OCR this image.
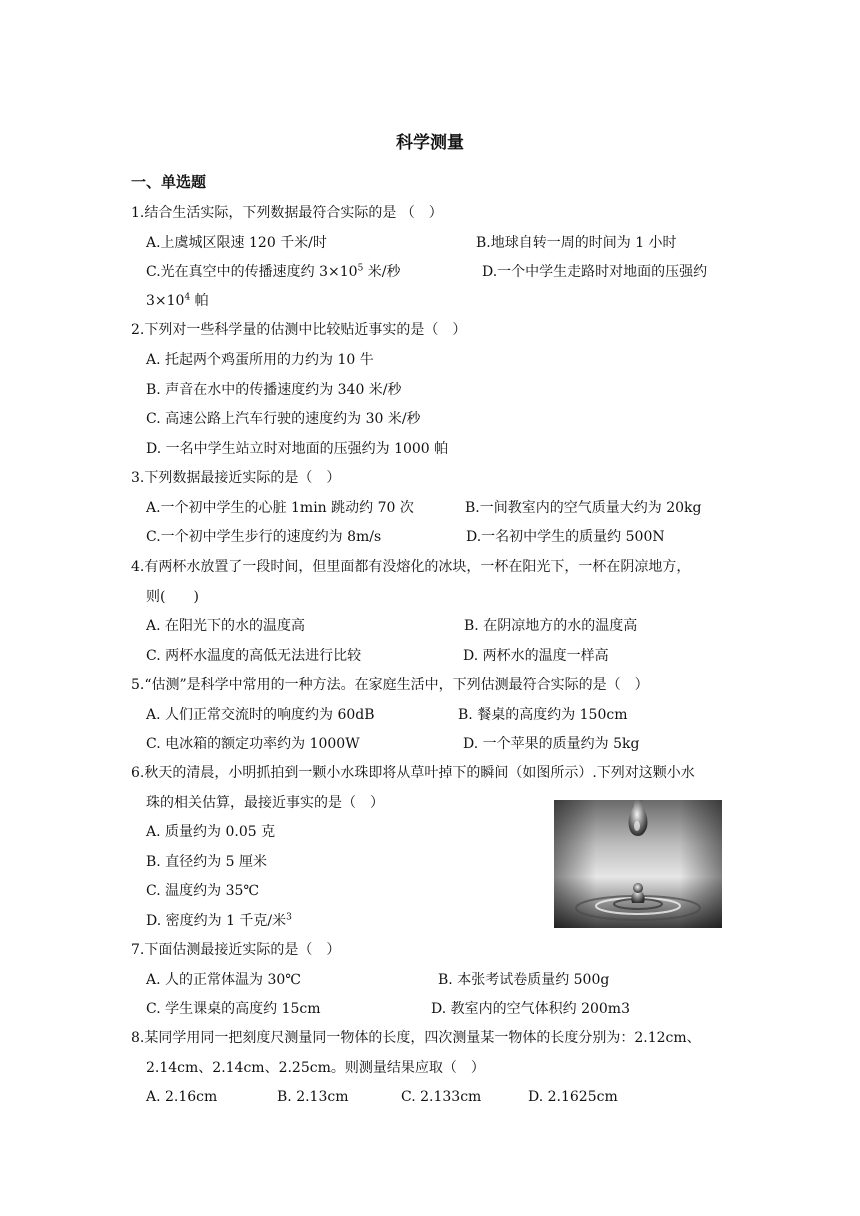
科学测量
一、单选题
1.结合生活实际，下列数据最符合实际的是 （　）
A.上虞城区限速 120 千米/时	B.地球自转一周的时间为 1 小时
C.光在真空中的传播速度约 $3\times 10^5$ 米/秒	D.一个中学生走路时对地面的压强约
$3\times 10^4$ 帕
2.下列对一些科学量的估测中比较贴近事实的是（　）
A. 托起两个鸡蛋所用的力约为 10 牛
B. 声音在水中的传播速度约为 340 米/秒
C. 高速公路上汽车行驶的速度约为 30 米/秒
D. 一名中学生站立时对地面的压强约为 1000 帕
3.下列数据最接近实际的是（　）
A.一个初中学生的心脏 1min 跳动约 70 次	B.一间教室内的空气质量大约为 20kg
C.一个初中学生步行的速度约为 8m/s	D.一名初中学生的质量约 500N
4.有两杯水放置了一段时间，但里面都有没熔化的冰块，一杯在阳光下，一杯在阴凉地方，
则(　　)
A. 在阳光下的水的温度高	B. 在阴凉地方的水的温度高
C. 两杯水温度的高低无法进行比较	D. 两杯水的温度一样高
5.“估测”是科学中常用的一种方法。在家庭生活中，下列估测最符合实际的是（　）
A. 人们正常交流时的响度约为 60dB	B. 餐桌的高度约为 150cm
C. 电冰箱的额定功率约为 1000W	D. 一个苹果的质量约为 5kg
6.秋天的清晨，小明抓拍到一颗小水珠即将从草叶掉下的瞬间（如图所示）.下列对这颗小水
珠的相关估算，最接近事实的是（　）
A. 质量约为 0.05 克
B. 直径约为 5 厘米
C. 温度约为 35℃
D. 密度约为 1 千克/米$^3$
7.下面估测最接近实际的是（　）
A. 人的正常体温为 30℃	B. 本张考试卷质量约 500g
C. 学生课桌的高度约 15cm	D. 教室内的空气体积约 200m3
8.某同学用同一把刻度尺测量同一物体的长度，四次测量某一物体的长度分别为：2.12cm、
2.14cm、2.14cm、2.25cm。则测量结果应取（　）
A. 2.16cm	B. 2.13cm	C. 2.133cm	D. 2.1625cm
